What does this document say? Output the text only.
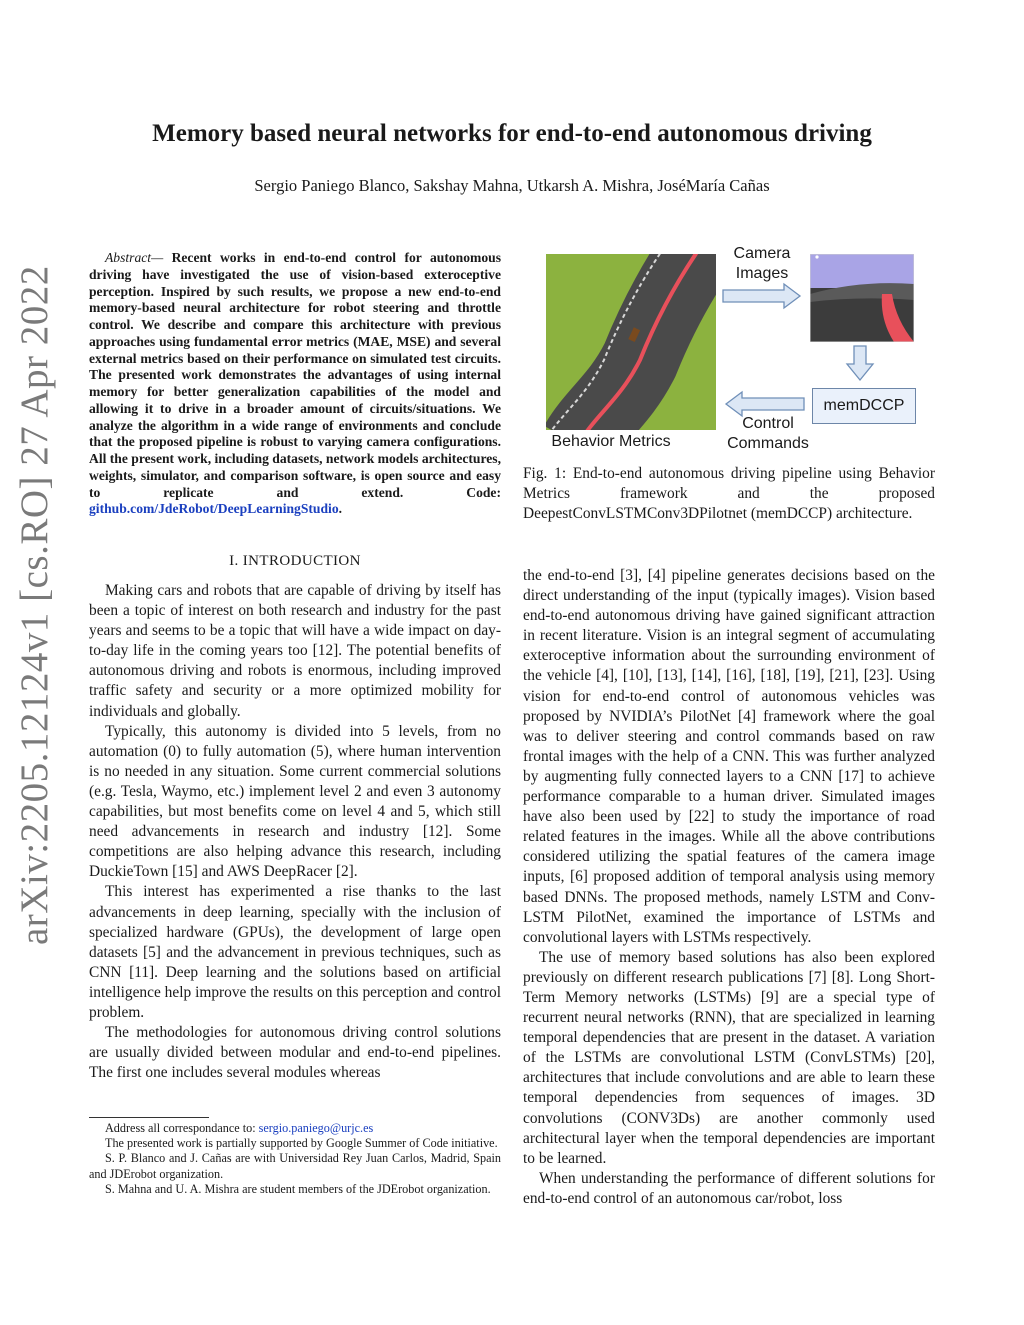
Memory based neural networks for end-to-end autonomous driving
Sergio Paniego Blanco, Sakshay Mahna, Utkarsh A. Mishra, JoséMaría Cañas
arXiv:2205.12124v1 [cs.RO] 27 Apr 2022

Abstract— Recent works in end-to-end control for autonomous driving have investigated the use of vision-based exteroceptive perception. Inspired by such results, we propose a new end-to-end memory-based neural architecture for robot steering and throttle control. We describe and compare this architecture with previous approaches using fundamental error metrics (MAE, MSE) and several external metrics based on their performance on simulated test circuits. The presented work demonstrates the advantages of using internal memory for better generalization capabilities of the model and allowing it to drive in a broader amount of circuits/situations. We analyze the algorithm in a wide range of environments and conclude that the proposed pipeline is robust to varying camera configurations. All the present work, including datasets, network models architectures, weights, simulator, and comparison software, is open source and easy to replicate and extend. Code: github.com/JdeRobot/DeepLearningStudio.

I. INTRODUCTION

Making cars and robots that are capable of driving by itself has been a topic of interest on both research and industry for the past years and seems to be a topic that will have a wide impact on day-to-day life in the coming years too [12]. The potential benefits of autonomous driving and robots is enormous, including improved traffic safety and security or a more optimized mobility for individuals and globally.

Typically, this autonomy is divided into 5 levels, from no automation (0) to fully automation (5), where human intervention is no needed in any situation. Some current commercial solutions (e.g. Tesla, Waymo, etc.) implement level 2 and even 3 autonomy capabilities, but most benefits come on level 4 and 5, which still need advancements in research and industry [12]. Some competitions are also helping advance this research, including DuckieTown [15] and AWS DeepRacer [2].

This interest has experimented a rise thanks to the last advancements in deep learning, specially with the inclusion of specialized hardware (GPUs), the development of large open datasets [5] and the advancement in previous techniques, such as CNN [11]. Deep learning and the solutions based on artificial intelligence help improve the results on this perception and control problem.

The methodologies for autonomous driving control solutions are usually divided between modular and end-to-end pipelines. The first one includes several modules whereas

Address all correspondance to: sergio.paniego@urjc.es

The presented work is partially supported by Google Summer of Code initiative.

S. P. Blanco and J. Cañas are with Universidad Rey Juan Carlos, Madrid, Spain and JDErobot organization.

S. Mahna and U. A. Mishra are student members of the JDErobot organization.

memDCCP
Camera
Images
Control
Commands
Behavior Metrics
Fig. 1: End-to-end autonomous driving pipeline using Behavior Metrics framework and the proposed DeepestConvLSTMConv3DPilotnet (memDCCP) architecture.

the end-to-end [3], [4] pipeline generates decisions based on the direct understanding of the input (typically images). Vision based end-to-end autonomous driving have gained significant attraction in recent literature. Vision is an integral segment of accumulating exteroceptive information about the surrounding environment of the vehicle [4], [10], [13], [14], [16], [18], [19], [21], [23]. Using vision for end-to-end control of autonomous vehicles was proposed by NVIDIA’s PilotNet [4] framework where the goal was to deliver steering and control commands based on raw frontal images with the help of a CNN. This was further analyzed by augmenting fully connected layers to a CNN [17] to achieve performance comparable to a human driver. Simulated images have also been used by [22] to study the importance of road related features in the images. While all the above contributions considered utilizing the spatial features of the camera image inputs, [6] proposed addition of temporal analysis using memory based DNNs. The proposed methods, namely LSTM and Conv-LSTM PilotNet, examined the importance of LSTMs and convolutional layers with LSTMs respectively.

The use of memory based solutions has also been explored previously on different research publications [7] [8]. Long Short-Term Memory networks (LSTMs) [9] are a special type of recurrent neural networks (RNN), that are specialized in learning temporal dependencies that are present in the dataset. A variation of the LSTMs are convolutional LSTM (ConvLSTMs) [20], architectures that include convolutions and are able to learn these temporal dependencies from sequences of images. 3D convolutions (CONV3Ds) are another commonly used architectural layer when the temporal dependencies are important to be learned.

When understanding the performance of different solutions for end-to-end control of an autonomous car/robot, loss
